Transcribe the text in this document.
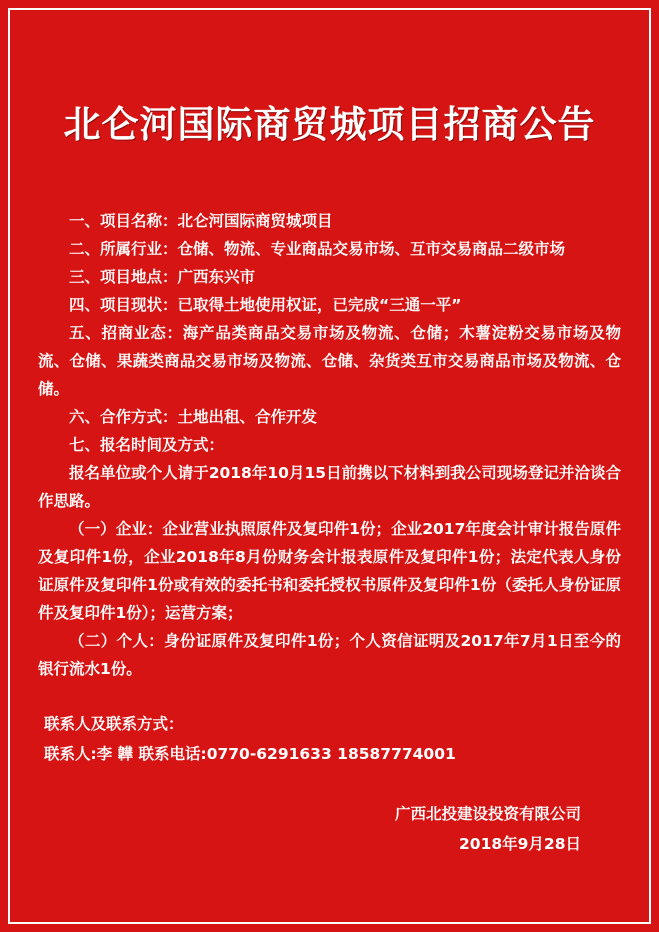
北仑河国际商贸城项目招商公告

一、项目名称：北仑河国际商贸城项目

二、所属行业：仓储、物流、专业商品交易市场、互市交易商品二级市场

三、项目地点：广西东兴市

四、项目现状：已取得土地使用权证，已完成“三通一平”

五、招商业态：海产品类商品交易市场及物流、仓储；木薯淀粉交易市场及物流、仓储、果蔬类商品交易市场及物流、仓储、杂货类互市交易商品市场及物流、仓储。

六、合作方式：土地出租、合作开发

七、报名时间及方式：

报名单位或个人请于2018年10月15日前携以下材料到我公司现场登记并洽谈合作思路。

（一）企业：企业营业执照原件及复印件1份；企业2017年度会计审计报告原件及复印件1份，企业2018年8月份财务会计报表原件及复印件1份；法定代表人身份证原件及复印件1份或有效的委托书和委托授权书原件及复印件1份（委托人身份证原件及复印件1份）；运营方案；

（二）个人：身份证原件及复印件1份；个人资信证明及2017年7月1日至今的银行流水1份。

联系人及联系方式：

联系人:李 韡 联系电话:0770-6291633 18587774001

广西北投建设投资有限公司

2018年9月28日
